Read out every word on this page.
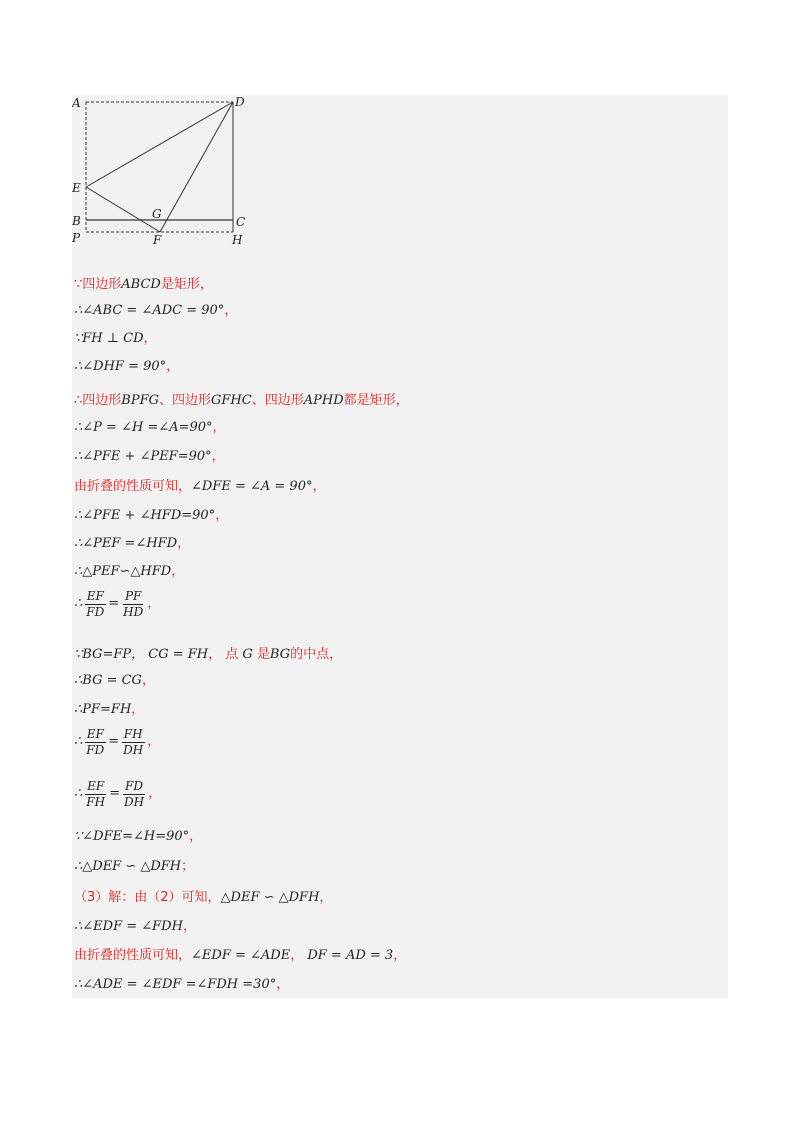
A	D
E
B
P
G
C
F	H
∵四边形ABCD是矩形，
∴∠ABC = ∠ADC = 90°，
∵FH ⊥ CD，
∴∠DHF = 90°，
∴四边形BPFG、四边形GFHC、四边形APHD都是矩形，
∴∠P = ∠H =∠A=90°，
∴∠PFE + ∠PEF=90°，
由折叠的性质可知，∠DFE = ∠A = 90°，
∴∠PFE + ∠HFD=90°，
∴∠PEF =∠HFD，
∴△PEF∽△HFD，
∴ $\frac{EF}{FD} = \frac{PF}{HD}$ ，
∵BG=FP， CG = FH， 点 G 是BG的中点，
∴BG = CG，
∴PF=FH，
∴ $\frac{EF}{FD} = \frac{FH}{DH}$ ，
∴ $\frac{EF}{FH} = \frac{FD}{DH}$ ，
∵∠DFE=∠H=90°，
∴△DEF ∽ △DFH；
（3）解：由（2）可知，△DEF ∽ △DFH，
∴∠EDF = ∠FDH，
由折叠的性质可知，∠EDF = ∠ADE， DF = AD = 3，
∴∠ADE = ∠EDF =∠FDH =30°，
